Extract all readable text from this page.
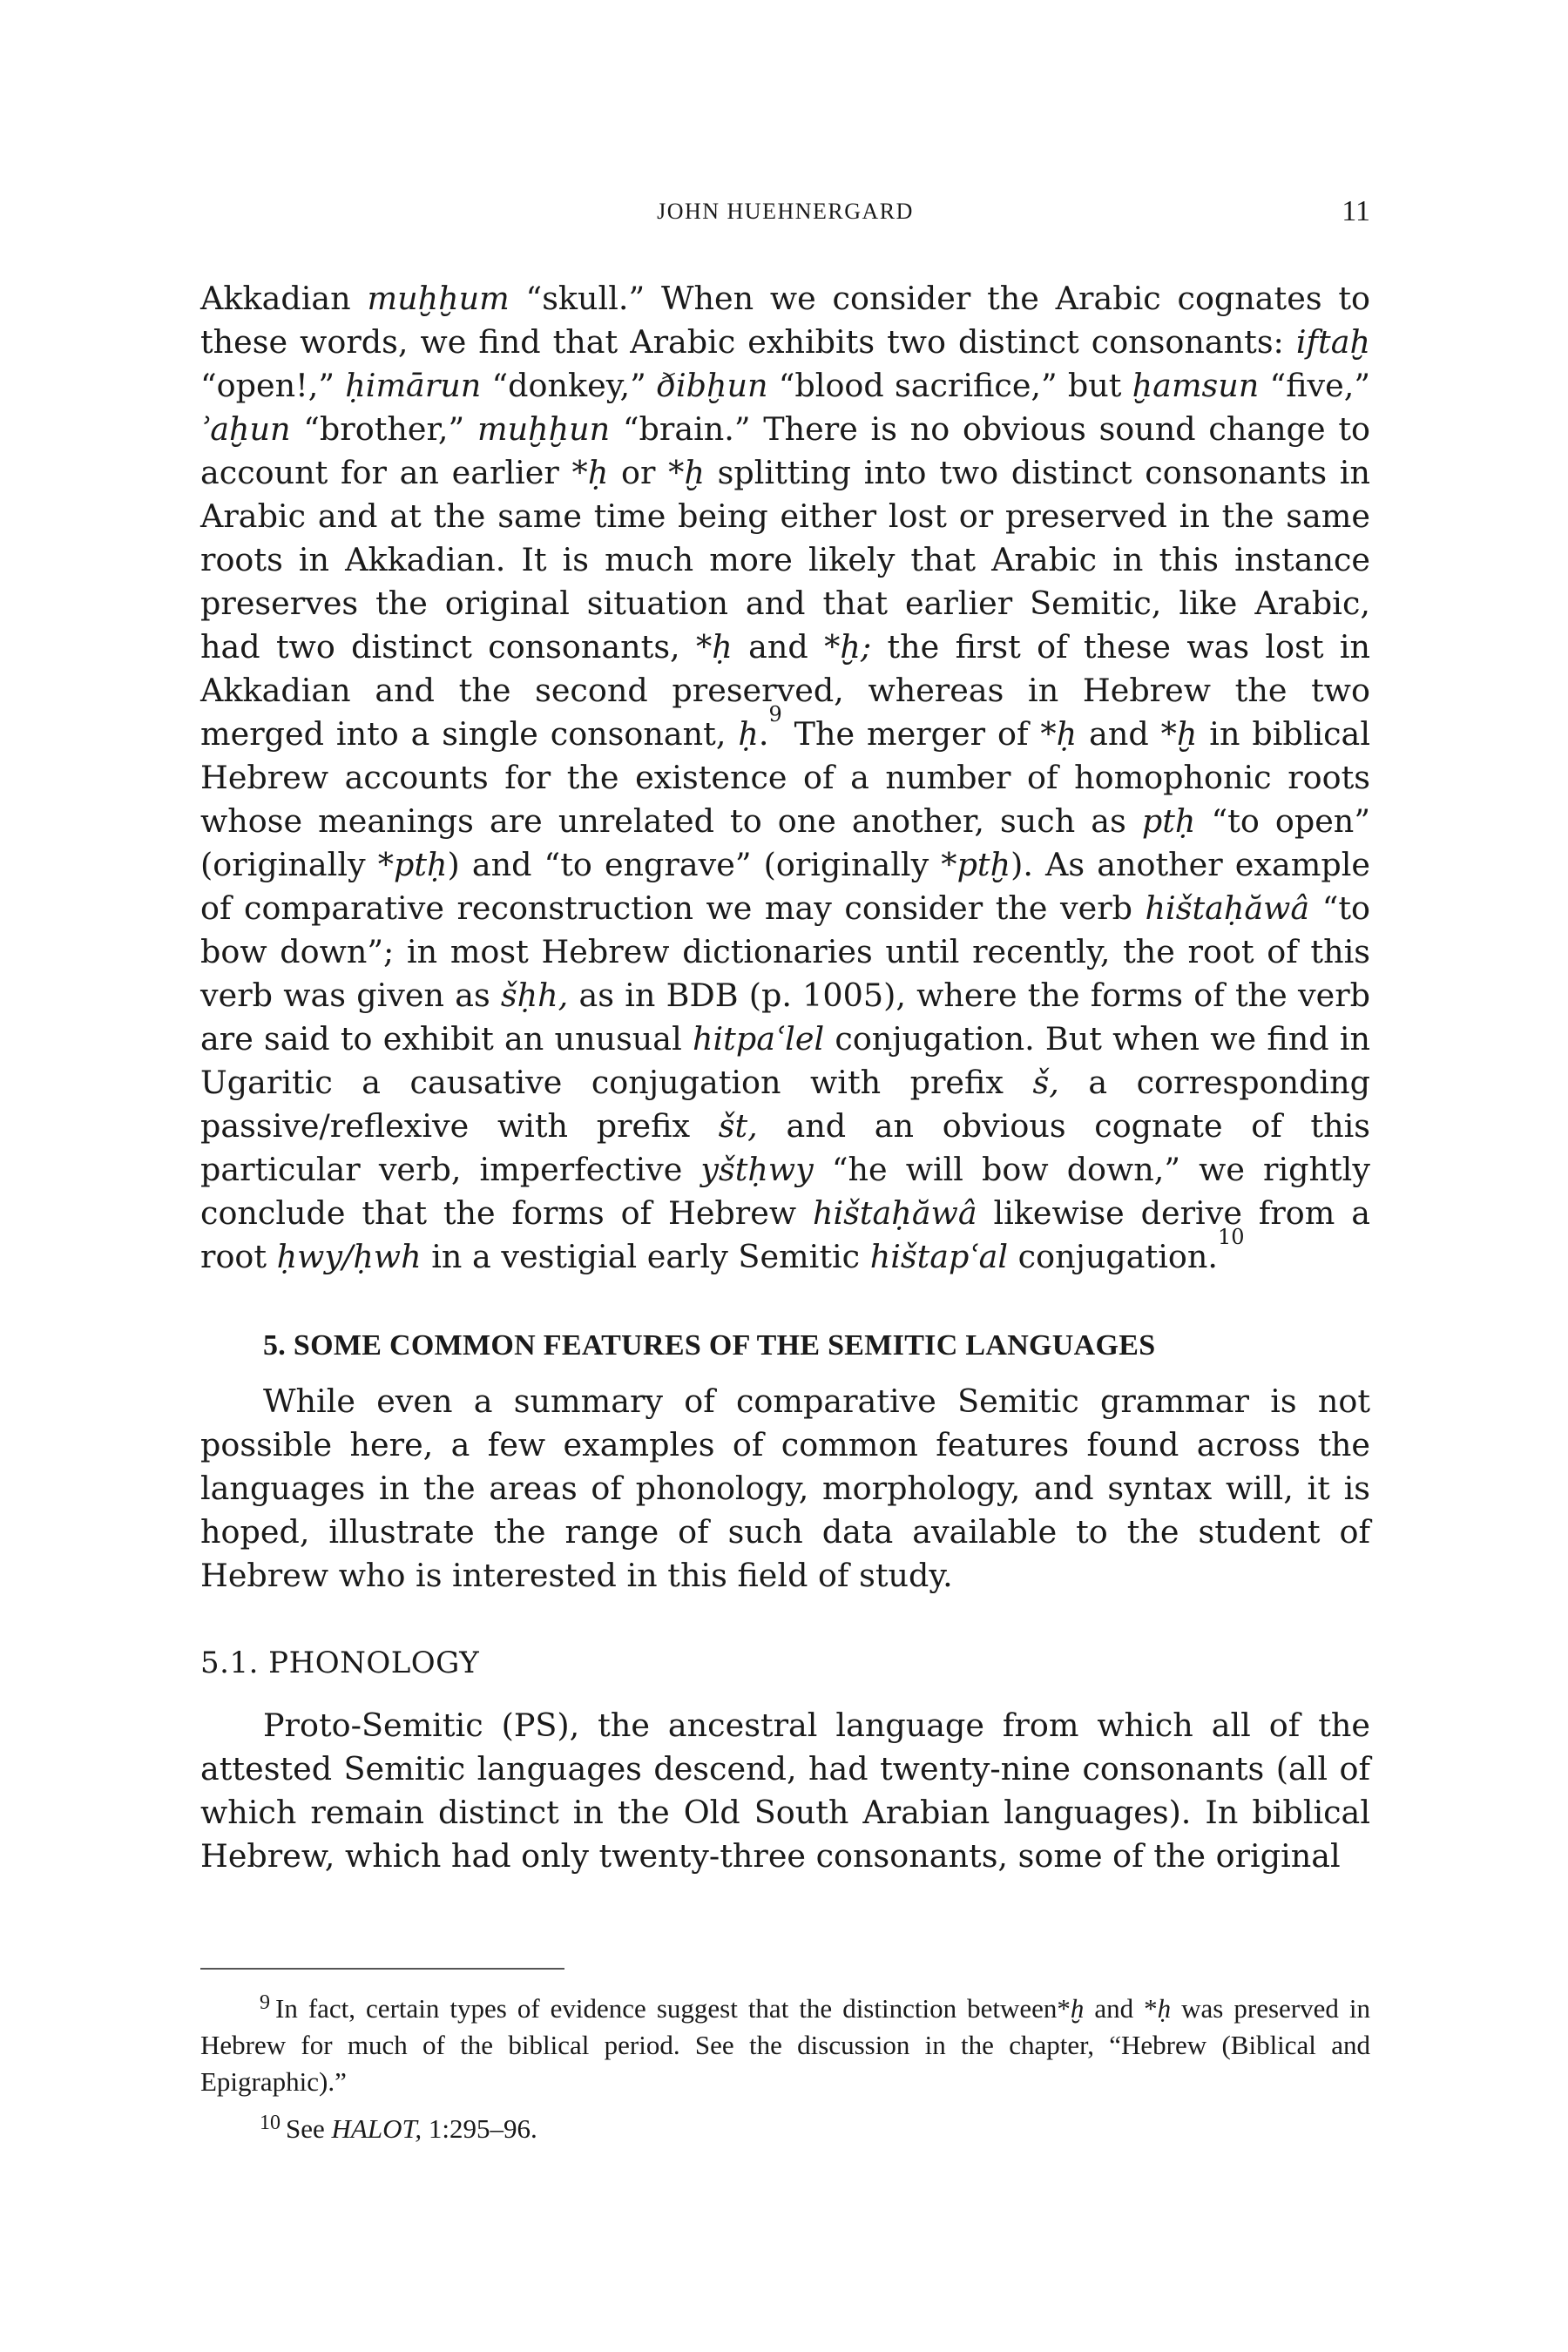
JOHN HUEHNERGARD	11

Akkadian muḫḫum “skull.” When we consider the Arabic cognates to these words, we find that Arabic exhibits two distinct consonants: iftaḫ “open!,” ḥimārun “donkey,” ðibḫun “blood sacrifice,” but ḫamsun “five,” ʾaḫun “brother,” muḫḫun “brain.” There is no obvious sound change to account for an earlier *ḥ or *ḫ splitting into two distinct consonants in Arabic and at the same time being either lost or preserved in the same roots in Akkadian. It is much more likely that Arabic in this instance preserves the original situation and that earlier Semitic, like Arabic, had two distinct consonants, *ḥ and *ḫ; the first of these was lost in Akkadian and the second preserved, whereas in Hebrew the two merged into a single consonant, ḥ.$^9$ The merger of *ḥ and *ḫ in biblical Hebrew accounts for the existence of a number of homophonic roots whose meanings are unrelated to one another, such as ptḥ “to open” (originally *ptḥ) and “to engrave” (originally *ptḫ). As another example of comparative reconstruction we may consider the verb hištaḥăwâ “to bow down”; in most Hebrew dictionaries until recently, the root of this verb was given as šḥh, as in BDB (p. 1005), where the forms of the verb are said to exhibit an unusual hitpaʿlel conjugation. But when we find in Ugaritic a causative conjugation with prefix š, a corresponding passive/reflexive with prefix št, and an obvious cognate of this particular verb, imperfective yštḥwy “he will bow down,” we rightly conclude that the forms of Hebrew hištaḥăwâ likewise derive from a root ḥwy/ḥwh in a vestigial early Semitic hištapʿal conjugation.$^{10}$

5. SOME COMMON FEATURES OF THE SEMITIC LANGUAGES

While even a summary of comparative Semitic grammar is not possible here, a few examples of common features found across the languages in the areas of phonology, morphology, and syntax will, it is hoped, illustrate the range of such data available to the student of Hebrew who is interested in this field of study.

5.1. PHONOLOGY

Proto-Semitic (PS), the ancestral language from which all of the attested Semitic languages descend, had twenty-nine consonants (all of which remain distinct in the Old South Arabian languages). In biblical Hebrew, which had only twenty-three consonants, some of the original

$^9$ In fact, certain types of evidence suggest that the distinction between*ḫ and *ḥ was preserved in Hebrew for much of the biblical period. See the discussion in the chapter, “Hebrew (Biblical and Epigraphic).”

$^{10}$ See HALOT, 1:295–96.
